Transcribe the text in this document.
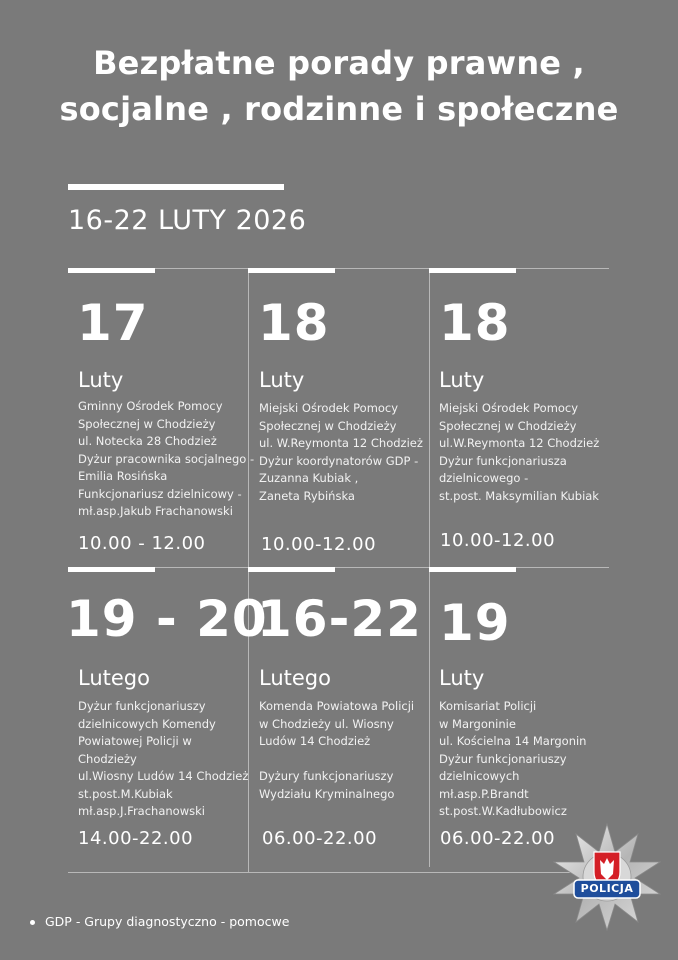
Bezpłatne porady prawne ,
socjalne , rodzinne i społeczne
16-22 LUTY 2026
17
Luty
Gminny Ośrodek Pomocy
Społecznej w Chodzieży
ul. Notecka 28 Chodzież
Dyżur pracownika socjalnego -
Emilia Rosińska
Funkcjonariusz dzielnicowy -
mł.asp.Jakub Frachanowski
10.00 - 12.00
18
Luty
Miejski Ośrodek Pomocy
Społecznej w Chodzieży
ul. W.Reymonta 12 Chodzież
Dyżur koordynatorów GDP -
Zuzanna Kubiak ,
Zaneta Rybińska
10.00-12.00
18
Luty
Miejski Ośrodek Pomocy
Społecznej w Chodzieży
ul.W.Reymonta 12 Chodzież
Dyżur funkcjonariusza
dzielnicowego -
st.post. Maksymilian Kubiak
10.00-12.00
19 - 20
Lutego
Dyżur funkcjonariuszy
dzielnicowych Komendy
Powiatowej Policji w
Chodzieży
ul.Wiosny Ludów 14 Chodzież
st.post.M.Kubiak
mł.asp.J.Frachanowski
14.00-22.00
16-22
Lutego
Komenda Powiatowa Policji
w Chodzieży ul. Wiosny
Ludów 14 Chodzież
Dyżury funkcjonariuszy
Wydziału Kryminalnego
06.00-22.00
19
Luty
Komisariat Policji
w Margoninie
ul. Kościelna 14 Margonin
Dyżur funkcjonariuszy
dzielnicowych
mł.asp.P.Brandt
st.post.W.Kadłubowicz
06.00-22.00
GDP - Grupy diagnostyczno - pomocwe
POLICJA
